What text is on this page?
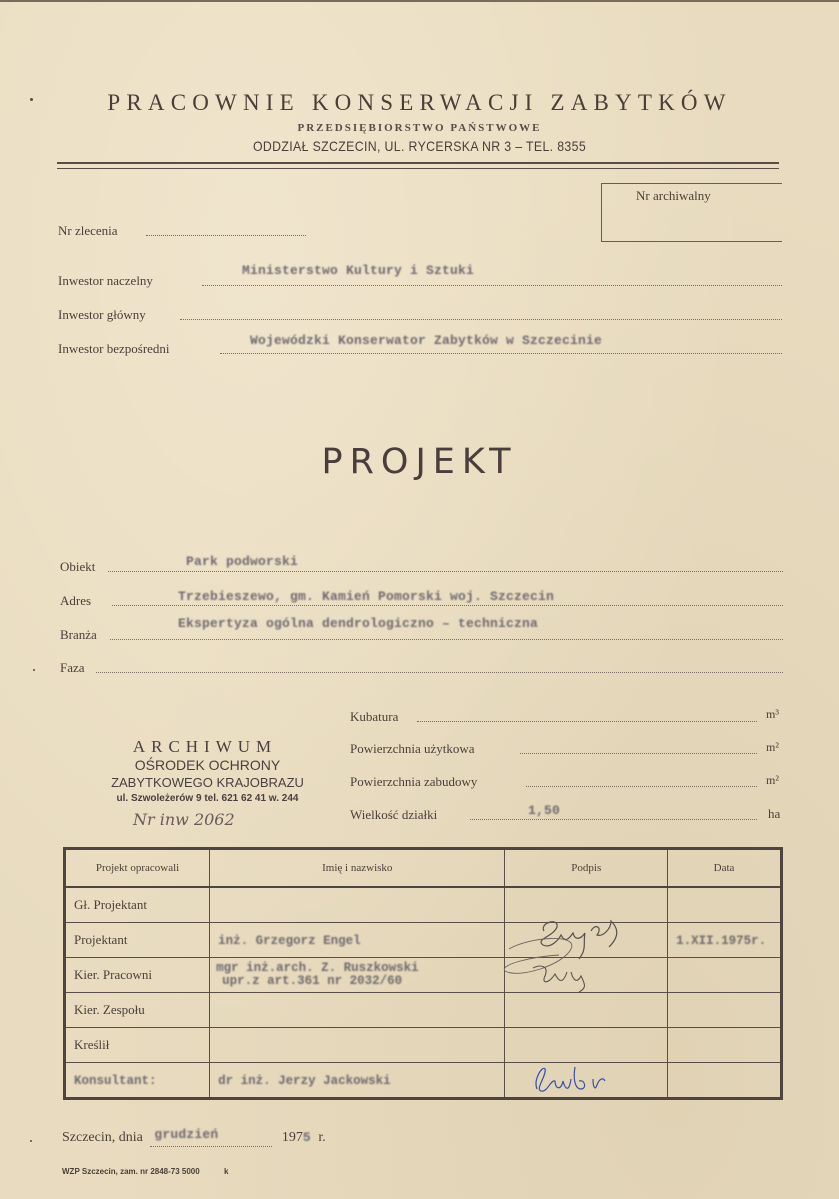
PRACOWNIE KONSERWACJI ZABYTKÓW
PRZEDSIĘBIORSTWO PAŃSTWOWE
ODDZIAŁ SZCZECIN, UL. RYCERSKA NR 3 – TEL. 8355
Nr archiwalny
Nr zlecenia
Inwestor naczelny
Ministerstwo Kultury i Sztuki
Inwestor główny
Inwestor bezpośredni
Wojewódzki Konserwator Zabytków w Szczecinie
PROJEKT
Obiekt	Park podworski
Adres	Trzebieszewo, gm. Kamień Pomorski woj. Szczecin
Branża
Ekspertyza ogólna dendrologiczno – techniczna
Faza
ARCHIWUM
OŚRODEK OCHRONY
ZABYTKOWEGO KRAJOBRAZU
ul. Szwoleżerów 9 tel. 621 62 41 w. 244
Nr inw 2062
Kubatura	m³
Powierzchnia użytkowa	m²
Powierzchnia zabudowy	m²
Wielkość działki	1,50	ha
Projekt opracowali	Imię i nazwisko	Podpis	Data
Gł. Projektant			
Projektant	inż. Grzegorz Engel		1.XII.1975r.
Kier. Pracowni	mgr inż.arch. Z. Ruszkowski
upr.z art.361 nr 2032/60

Kier. Zespołu			
Kreślił			
Konsultant:	dr inż. Jerzy Jackowski	

Szczecin, dnia grudzień	1975 r.
WZP Szczecin, zam. nr 2848-73 5000	k
